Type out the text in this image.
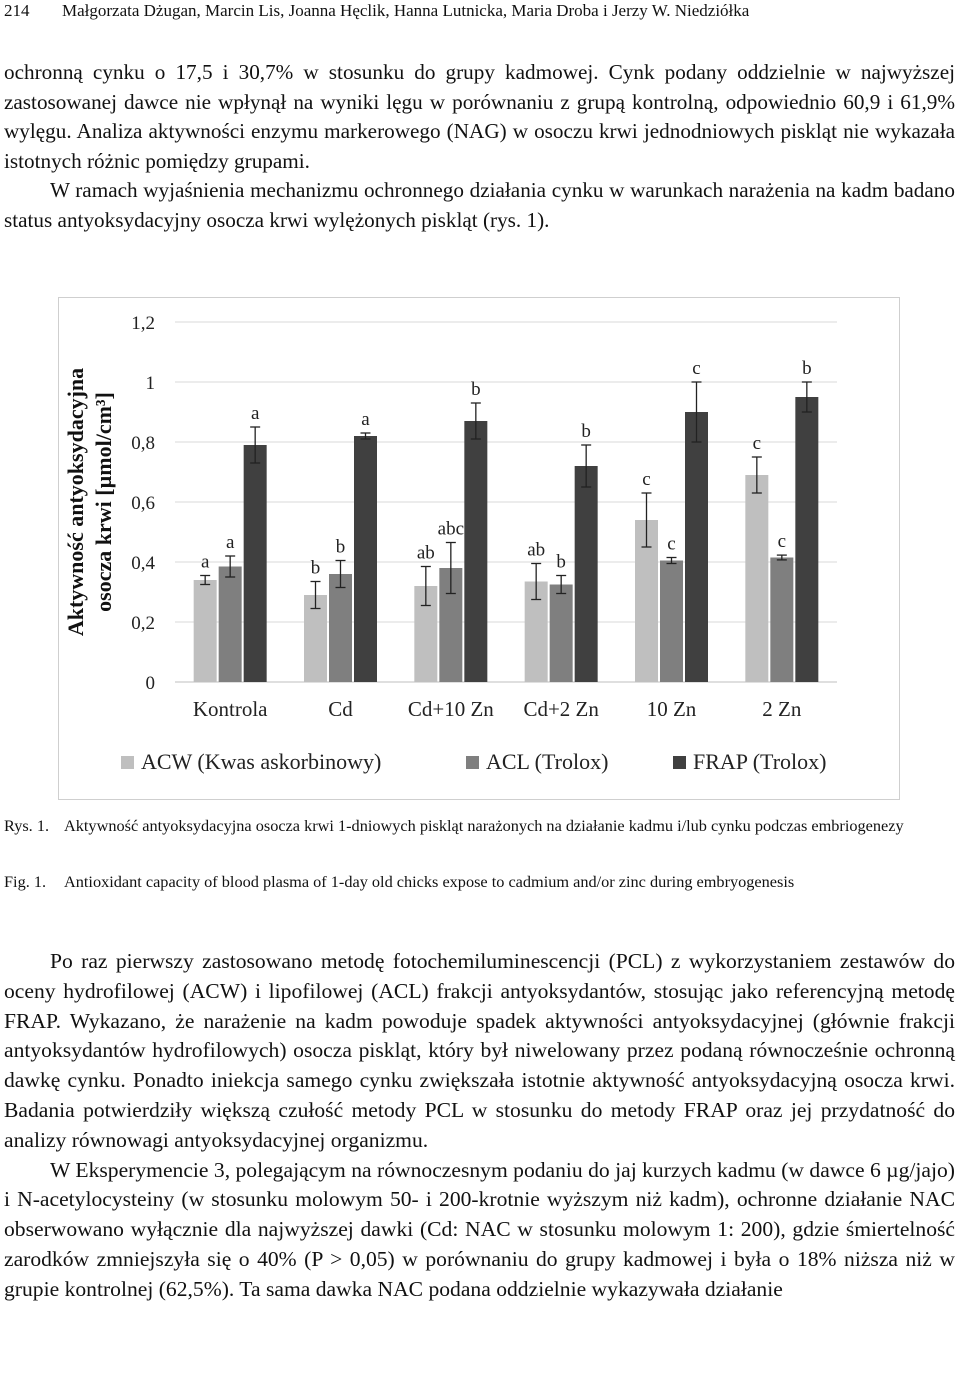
214 Małgorzata Dżugan, Marcin Lis, Joanna Hęclik, Hanna Lutnicka, Maria Droba i Jerzy W. Niedziółka
ochronną cynku o 17,5 i 30,7% w stosunku do grupy kadmowej. Cynk podany oddzielnie w najwyższej zastosowanej dawce nie wpłynął na wyniki lęgu w porównaniu z grupą kontrolną, odpowiednio 60,9 i 61,9% wylęgu. Analiza aktywności enzymu markerowego (NAG) w osoczu krwi jednodniowych piskląt nie wykazała istotnych różnic pomiędzy grupami.
W ramach wyjaśnienia mechanizmu ochronnego działania cynku w warunkach narażenia na kadm badano status antyoksydacyjny osocza krwi wylężonych piskląt (rys. 1).
0
0,2
0,4
0,6
0,8
1
1,2
Aktywność antyoksydacyjna osocza krwi [µmol/cm³]	a
a
a
Kontrola
b
b
a
Cd
ab
abc
b
Cd+10 Zn
ab
b
b
Cd+2 Zn
c
c
c
10 Zn
c
c
b
2 Zn
ACW (Kwas askorbinowy)	ACL (Trolox)	FRAP (Trolox)
Rys. 1. Aktywność antyoksydacyjna osocza krwi 1-dniowych piskląt narażonych na działanie kadmu i/lub cynku podczas embriogenezy
Fig. 1. Antioxidant capacity of blood plasma of 1-day old chicks expose to cadmium and/or zinc during embryogenesis
Po raz pierwszy zastosowano metodę fotochemiluminescencji (PCL) z wykorzystaniem zestawów do oceny hydrofilowej (ACW) i lipofilowej (ACL) frakcji antyoksydantów, stosując jako referencyjną metodę FRAP. Wykazano, że narażenie na kadm powoduje spadek aktywności antyoksydacyjnej (głównie frakcji antyoksydantów hydrofilowych) osocza piskląt, który był niwelowany przez podaną równocześnie ochronną dawkę cynku. Ponadto iniekcja samego cynku zwiększała istotnie aktywność antyoksydacyjną osocza krwi. Badania potwierdziły większą czułość metody PCL w stosunku do metody FRAP oraz jej przydatność do analizy równowagi antyoksydacyjnej organizmu.
W Eksperymencie 3, polegającym na równoczesnym podaniu do jaj kurzych kadmu (w dawce 6 µg/jajo) i N-acetylocysteiny (w stosunku molowym 50- i 200-krotnie wyższym niż kadm), ochronne działanie NAC obserwowano wyłącznie dla najwyższej dawki (Cd: NAC w stosunku molowym 1: 200), gdzie śmiertelność zarodków zmniejszyła się o 40% (P > 0,05) w porównaniu do grupy kadmowej i była o 18% niższa niż w grupie kontrolnej (62,5%). Ta sama dawka NAC podana oddzielnie wykazywała działanie
